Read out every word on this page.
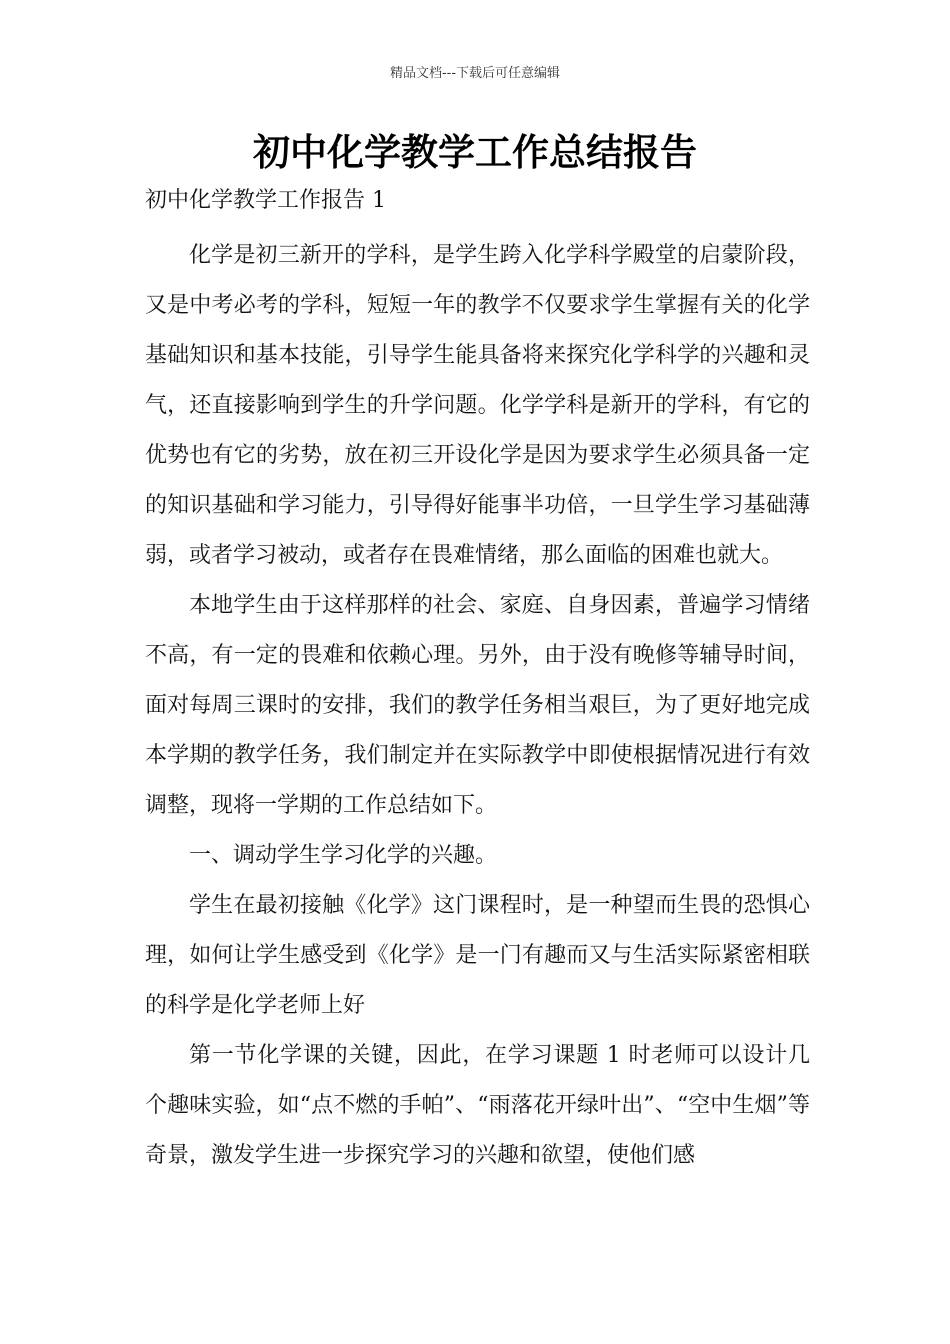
精品文档---下载后可任意编辑
初中化学教学工作总结报告
初中化学教学工作报告 1

化学是初三新开的学科，是学生跨入化学科学殿堂的启蒙阶段，又是中考必考的学科，短短一年的教学不仅要求学生掌握有关的化学基础知识和基本技能，引导学生能具备将来探究化学科学的兴趣和灵气，还直接影响到学生的升学问题。化学学科是新开的学科，有它的优势也有它的劣势，放在初三开设化学是因为要求学生必须具备一定的知识基础和学习能力，引导得好能事半功倍，一旦学生学习基础薄弱，或者学习被动，或者存在畏难情绪，那么面临的困难也就大。

本地学生由于这样那样的社会、家庭、自身因素，普遍学习情绪不高，有一定的畏难和依赖心理。另外，由于没有晚修等辅导时间，面对每周三课时的安排，我们的教学任务相当艰巨，为了更好地完成本学期的教学任务，我们制定并在实际教学中即使根据情况进行有效调整，现将一学期的工作总结如下。

一、调动学生学习化学的兴趣。

学生在最初接触《化学》这门课程时，是一种望而生畏的恐惧心理，如何让学生感受到《化学》是一门有趣而又与生活实际紧密相联的科学是化学老师上好

第一节化学课的关键，因此，在学习课题 1 时老师可以设计几个趣味实验，如“点不燃的手帕”、“雨落花开绿叶出”、“空中生烟”等奇景，激发学生进一步探究学习的兴趣和欲望，使他们感
